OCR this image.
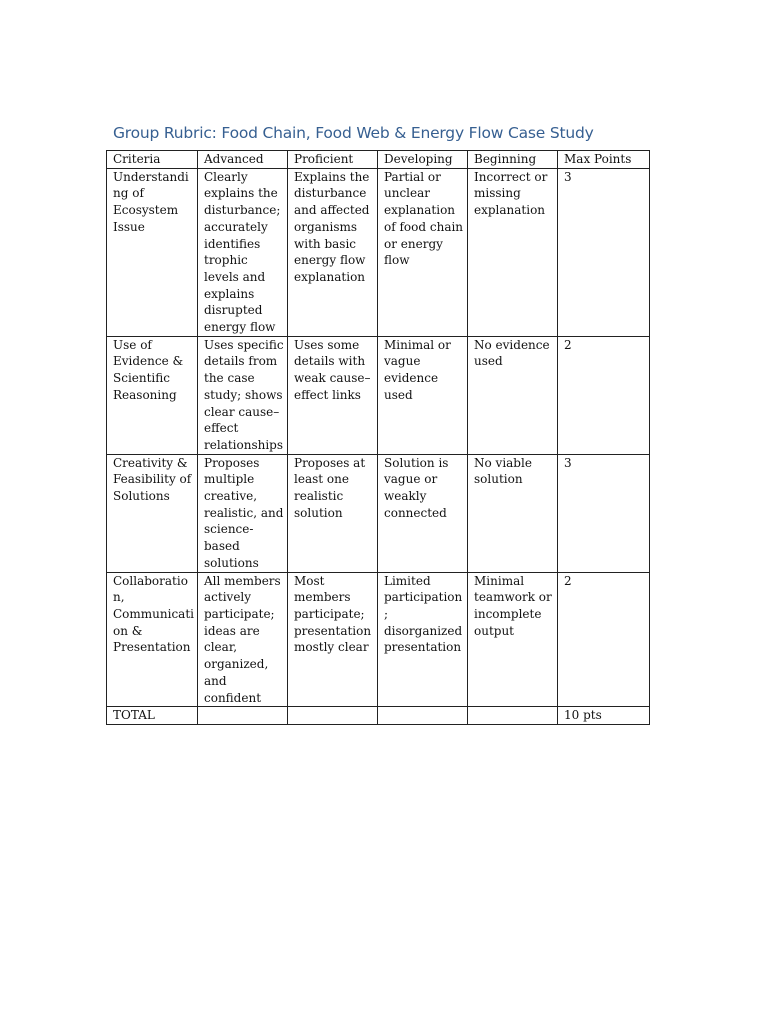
Group Rubric: Food Chain, Food Web & Energy Flow Case Study
Criteria	Advanced	Proficient	Developing	Beginning	Max Points
Understanding of Ecosystem Issue	Clearly explains the disturbance; accurately identifies trophic levels and explains disrupted energy flow	Explains the disturbance and affected organisms with basic energy flow explanation	Partial or unclear explanation of food chain or energy flow	Incorrect or missing explanation	3
Use of Evidence & Scientific Reasoning	Uses specific details from the case study; shows clear cause–effect relationships	Uses some details with weak cause–effect links	Minimal or vague evidence used	No evidence used	2
Creativity & Feasibility of Solutions	Proposes multiple creative, realistic, and science-based solutions	Proposes at least one realistic solution	Solution is vague or weakly connected	No viable solution	3
Collaboration, Communication & Presentation	All members actively participate; ideas are clear, organized, and confident	Most members participate; presentation mostly clear	Limited participation; disorganized presentation	Minimal teamwork or incomplete output	2
TOTAL					10 pts
